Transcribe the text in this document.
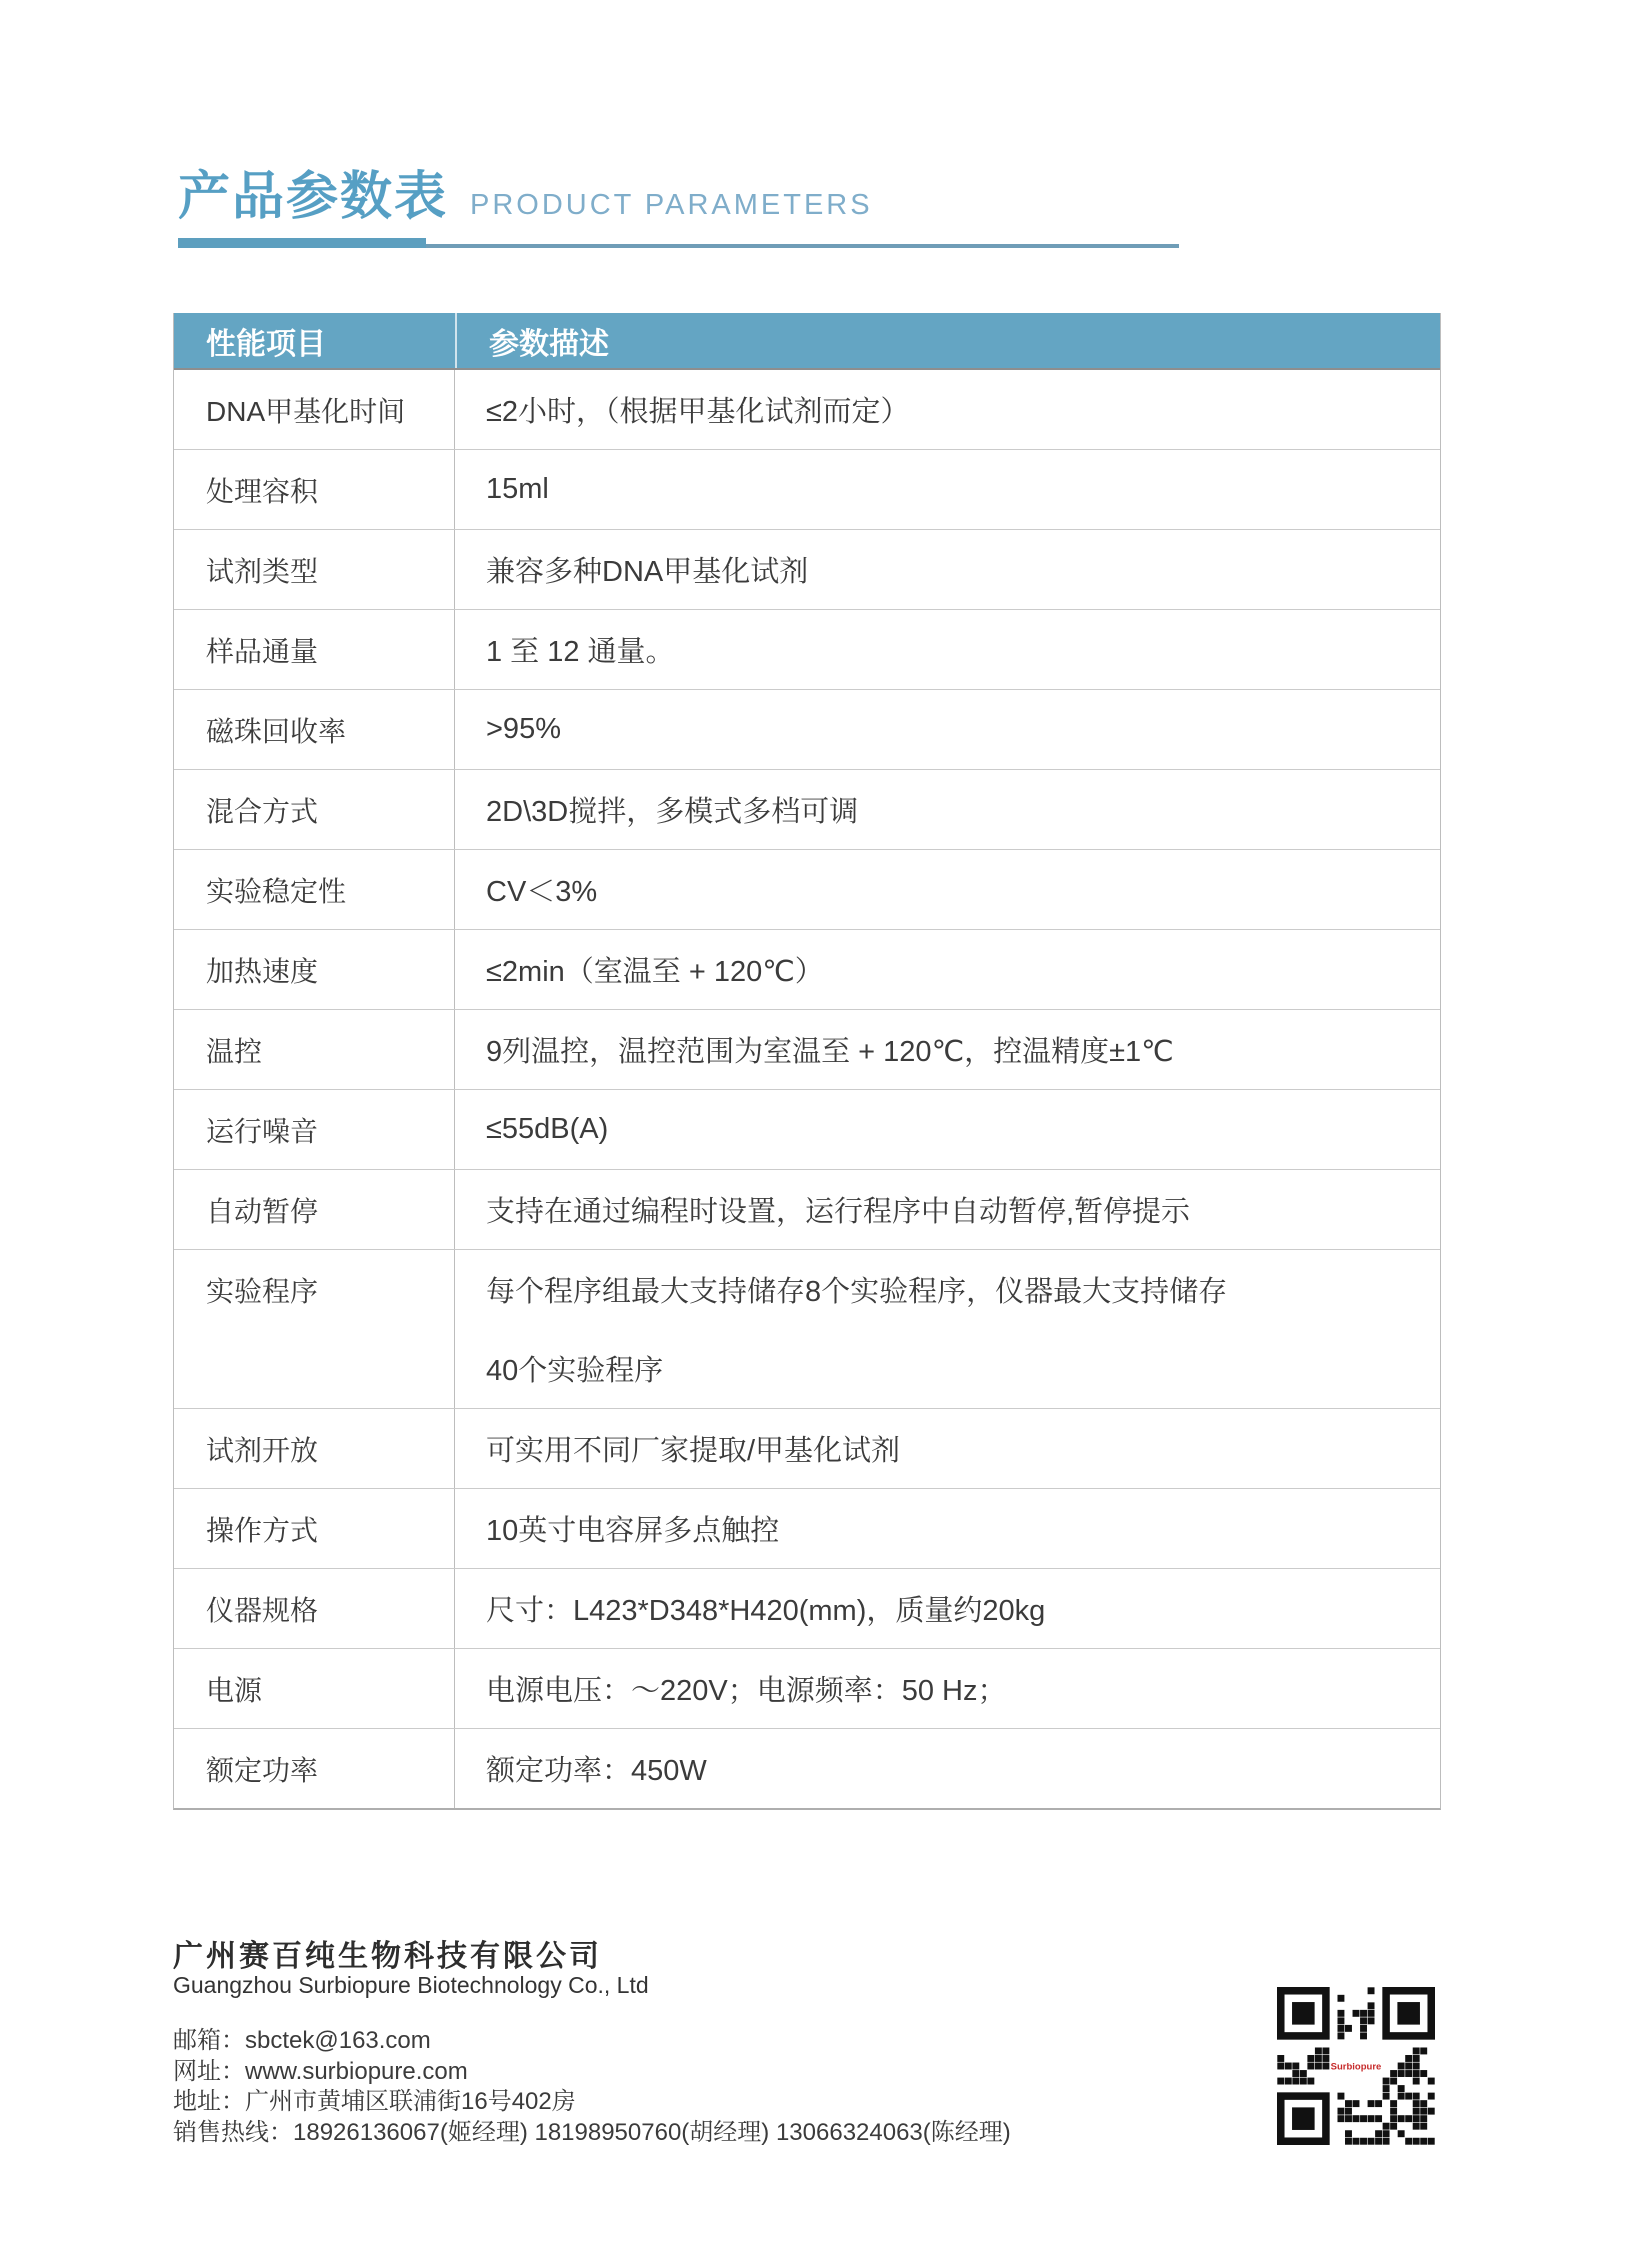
产品参数表 PRODUCT PARAMETERS
性能项目	参数描述
DNA甲基化时间	≤2小时，（根据甲基化试剂而定）
处理容积	15ml
试剂类型	兼容多种DNA甲基化试剂
样品通量	1 至 12 通量。
磁珠回收率	>95%
混合方式	2D\3D搅拌，多模式多档可调
实验稳定性	CV＜3%
加热速度	≤2min（室温至 + 120℃）
温控	9列温控，温控范围为室温至 + 120℃，控温精度±1℃
运行噪音	≤55dB(A)
自动暂停	支持在通过编程时设置，运行程序中自动暂停,暂停提示
实验程序	每个程序组最大支持储存8个实验程序，仪器最大支持储存
40个实验程序
试剂开放	可实用不同厂家提取/甲基化试剂
操作方式	10英寸电容屏多点触控
仪器规格	尺寸：L423*D348*H420(mm)，质量约20kg
电源	电源电压：～220V；电源频率：50 Hz；
额定功率	额定功率：450W
广州赛百纯生物科技有限公司
Guangzhou Surbiopure Biotechnology Co., Ltd
邮箱：sbctek@163.com
网址：www.surbiopure.com
地址：广州市黄埔区联浦街16号402房
销售热线：18926136067(姬经理) 18198950760(胡经理) 13066324063(陈经理)
Surbiopure
